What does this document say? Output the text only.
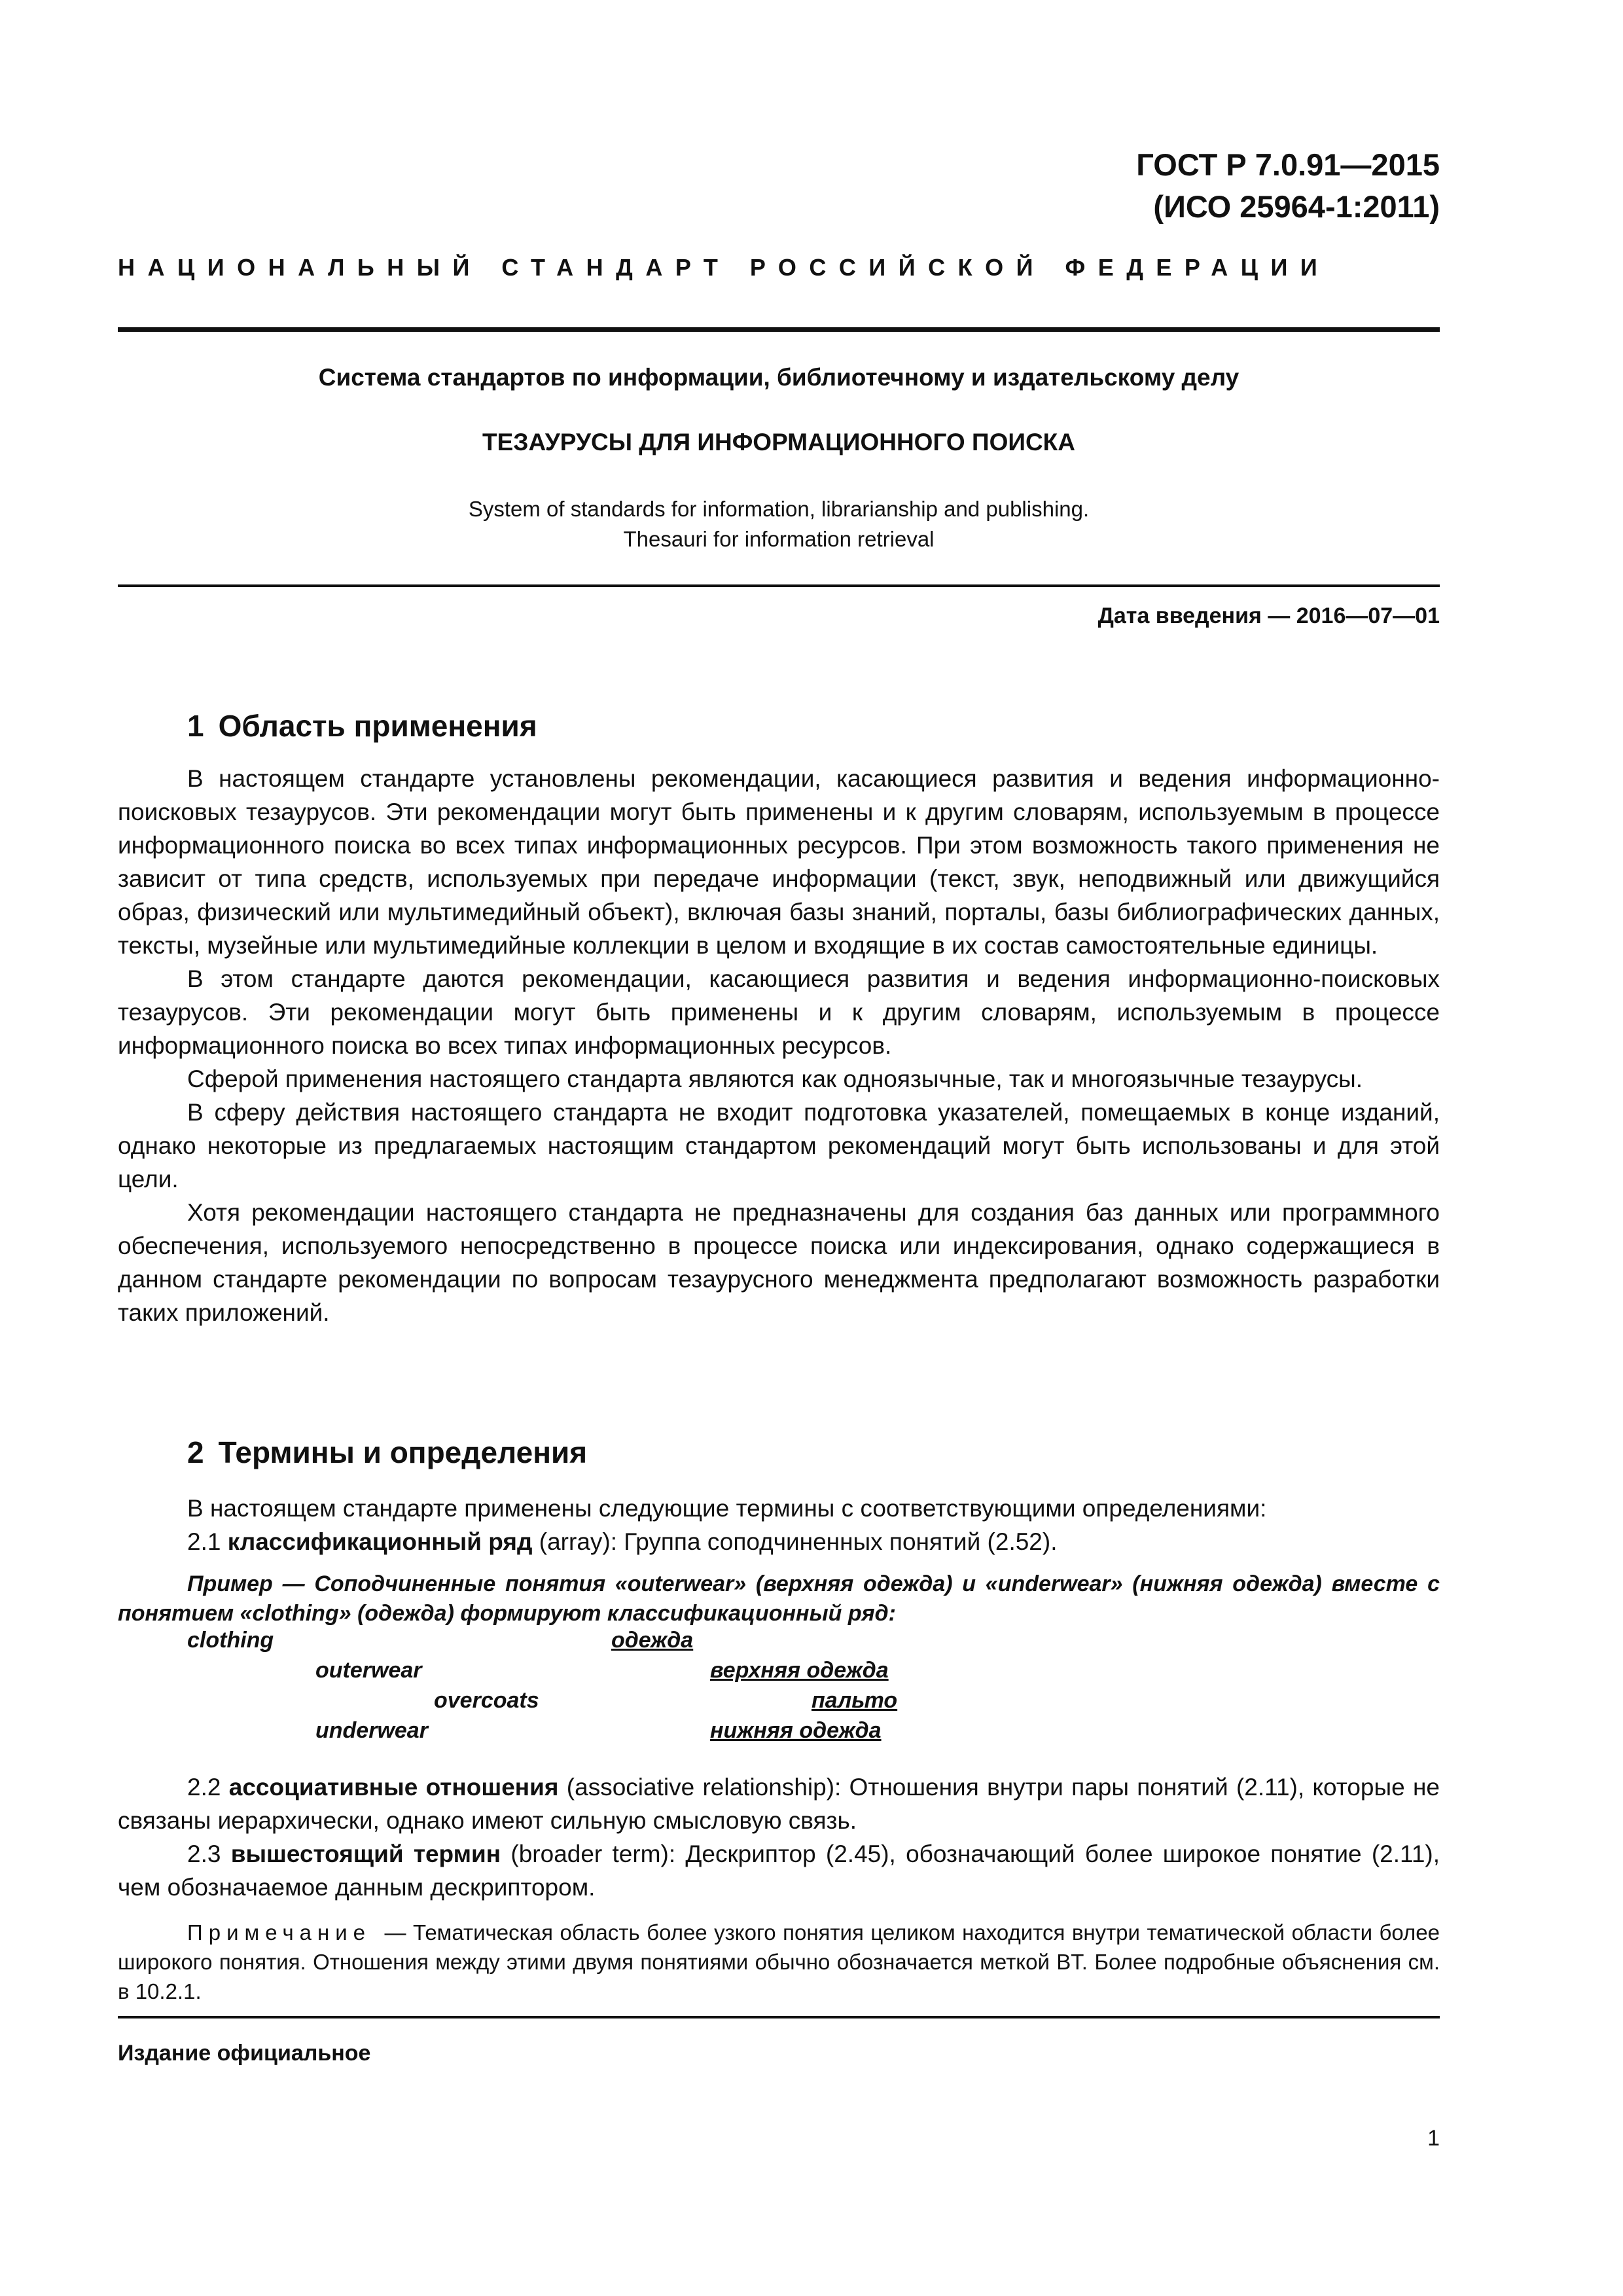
ГОСТ Р 7.0.91—2015
(ИСО 25964-1:2011)
НАЦИОНАЛЬНЫЙ СТАНДАРТ РОССИЙСКОЙ ФЕДЕРАЦИИ
Система стандартов по информации, библиотечному и издательскому делу
ТЕЗАУРУСЫ ДЛЯ ИНФОРМАЦИОННОГО ПОИСКА
System of standards for information, librarianship and publishing.
Thesauri for information retrieval
Дата введения — 2016—07—01
1 Область применения

В настоящем стандарте установлены рекомендации, касающиеся развития и ведения информационно-поисковых тезаурусов. Эти рекомендации могут быть применены и к другим словарям, используемым в процессе информационного поиска во всех типах информационных ресурсов. При этом возможность такого применения не зависит от типа средств, используемых при передаче информации (текст, звук, неподвижный или движущийся образ, физический или мультимедийный объект), включая базы знаний, порталы, базы библиографических данных, тексты, музейные или мультимедийные коллекции в целом и входящие в их состав самостоятельные единицы.

В этом стандарте даются рекомендации, касающиеся развития и ведения информационно-поисковых тезаурусов. Эти рекомендации могут быть применены и к другим словарям, используемым в процессе информационного поиска во всех типах информационных ресурсов.

Сферой применения настоящего стандарта являются как одноязычные, так и многоязычные тезаурусы.

В сферу действия настоящего стандарта не входит подготовка указателей, помещаемых в конце изданий, однако некоторые из предлагаемых настоящим стандартом рекомендаций могут быть использованы и для этой цели.

Хотя рекомендации настоящего стандарта не предназначены для создания баз данных или программного обеспечения, используемого непосредственно в процессе поиска или индексирования, однако содержащиеся в данном стандарте рекомендации по вопросам тезаурусного менеджмента предполагают возможность разработки таких приложений.

2 Термины и определения

В настоящем стандарте применены следующие термины с соответствующими определениями:

2.1 классификационный ряд (array): Группа соподчиненных понятий (2.52).

Пример — Соподчиненные понятия «outerwear» (верхняя одежда) и «underwear» (нижняя одежда) вместе с понятием «clothing» (одежда) формируют классификационный ряд:

clothing	одежда
outerwear	верхняя одежда
overcoats	пальто
underwear	нижняя одежда

2.2 ассоциативные отношения (associative relationship): Отношения внутри пары понятий (2.11), которые не связаны иерархически, однако имеют сильную смысловую связь.

2.3 вышестоящий термин (broader term): Дескриптор (2.45), обозначающий более широкое понятие (2.11), чем обозначаемое данным дескриптором.

Примечание — Тематическая область более узкого понятия целиком находится внутри тематической области более широкого понятия. Отношения между этими двумя понятиями обычно обозначается меткой BT. Более подробные объяснения см. в 10.2.1.

Издание официальное
1
